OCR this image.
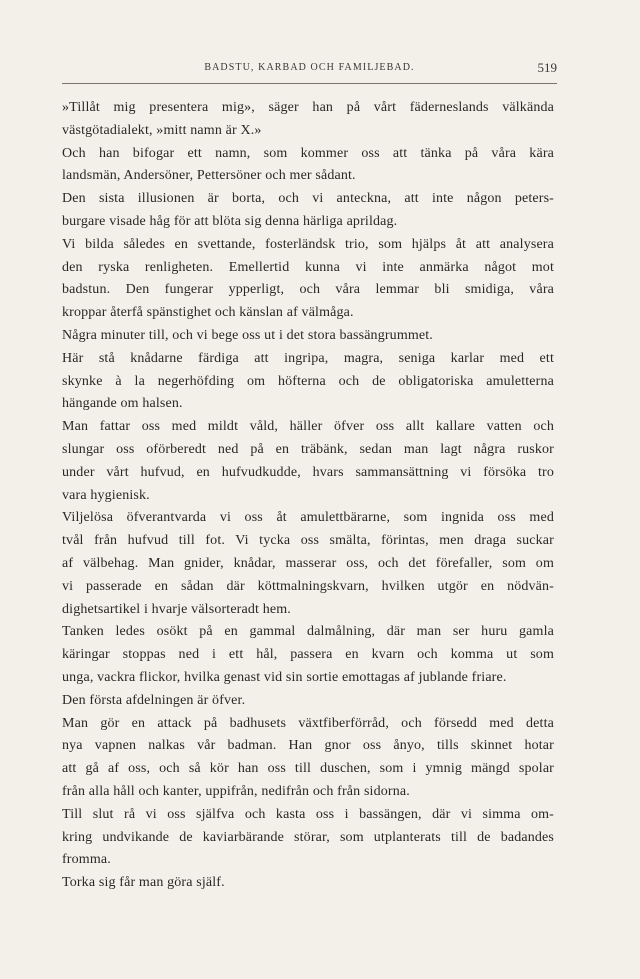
BADSTU, KARBAD OCH FAMILJEBAD.	519

»Tillåt mig presentera mig», säger han på vårt fäderneslands välkända
västgötadialekt, »mitt namn är X.»

Och han bifogar ett namn, som kommer oss att tänka på våra kära
landsmän, Andersöner, Pettersöner och mer sådant.

Den sista illusionen är borta, och vi anteckna, att inte någon peters-
burgare visade håg för att blöta sig denna härliga aprildag.

Vi bilda således en svettande, fosterländsk trio, som hjälps åt att analysera
den ryska renligheten. Emellertid kunna vi inte anmärka något mot
badstun. Den fungerar ypperligt, och våra lemmar bli smidiga, våra
kroppar återfå spänstighet och känslan af välmåga.

Några minuter till, och vi bege oss ut i det stora bassängrummet.

Här stå knådarne färdiga att ingripa, magra, seniga karlar med ett
skynke à la negerhöfding om höfterna och de obligatoriska amuletterna
hängande om halsen.

Man fattar oss med mildt våld, häller öfver oss allt kallare vatten och
slungar oss oförberedt ned på en träbänk, sedan man lagt några ruskor
under vårt hufvud, en hufvudkudde, hvars sammansättning vi försöka tro
vara hygienisk.

Viljelösa öfverantvarda vi oss åt amulettbärarne, som ingnida oss med
tvål från hufvud till fot. Vi tycka oss smälta, förintas, men draga suckar
af välbehag. Man gnider, knådar, masserar oss, och det förefaller, som om
vi passerade en sådan där köttmalningskvarn, hvilken utgör en nödvän-
dighetsartikel i hvarje välsorteradt hem.

Tanken ledes osökt på en gammal dalmålning, där man ser huru gamla
käringar stoppas ned i ett hål, passera en kvarn och komma ut som
unga, vackra flickor, hvilka genast vid sin sortie emottagas af jublande friare.

Den första afdelningen är öfver.

Man gör en attack på badhusets växtfiberförråd, och försedd med detta
nya vapnen nalkas vår badman. Han gnor oss ånyo, tills skinnet hotar
att gå af oss, och så kör han oss till duschen, som i ymnig mängd spolar
från alla håll och kanter, uppifrån, nedifrån och från sidorna.

Till slut rå vi oss själfva och kasta oss i bassängen, där vi simma om-
kring undvikande de kaviarbärande störar, som utplanterats till de badandes
fromma.

Torka sig får man göra själf.
